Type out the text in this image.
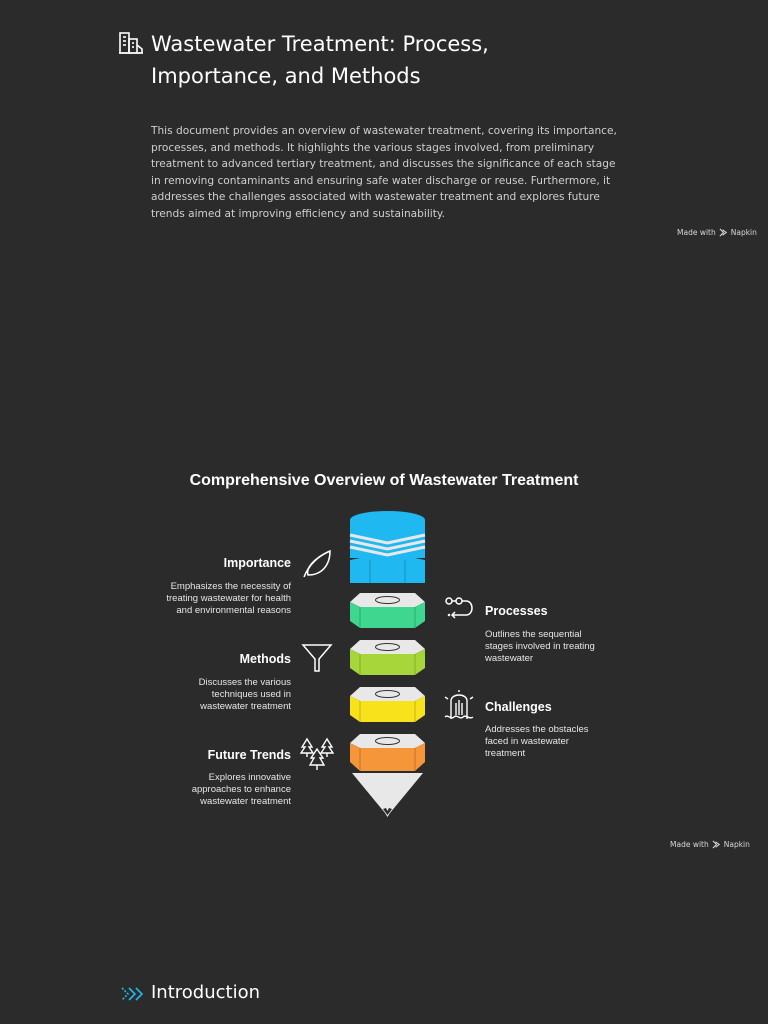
Wastewater Treatment: Process,
Importance, and Methods

This document provides an overview of wastewater treatment, covering its importance, processes, and methods. It highlights the various stages involved, from preliminary treatment to advanced tertiary treatment, and discusses the significance of each stage in removing contaminants and ensuring safe water discharge or reuse. Furthermore, it addresses the challenges associated with wastewater treatment and explores future trends aimed at improving efficiency and sustainability.

Made with Napkin
Comprehensive Overview of Wastewater Treatment
Importance
Emphasizes the necessity of
treating wastewater for health
and environmental reasons	Processes
Outlines the sequential
stages involved in treating
wastewater
Methods
Discusses the various
techniques used in
wastewater treatment	Challenges
Addresses the obstacles
faced in wastewater
treatment
Future Trends
Explores innovative
approaches to enhance
wastewater treatment
Made with Napkin
Introduction
